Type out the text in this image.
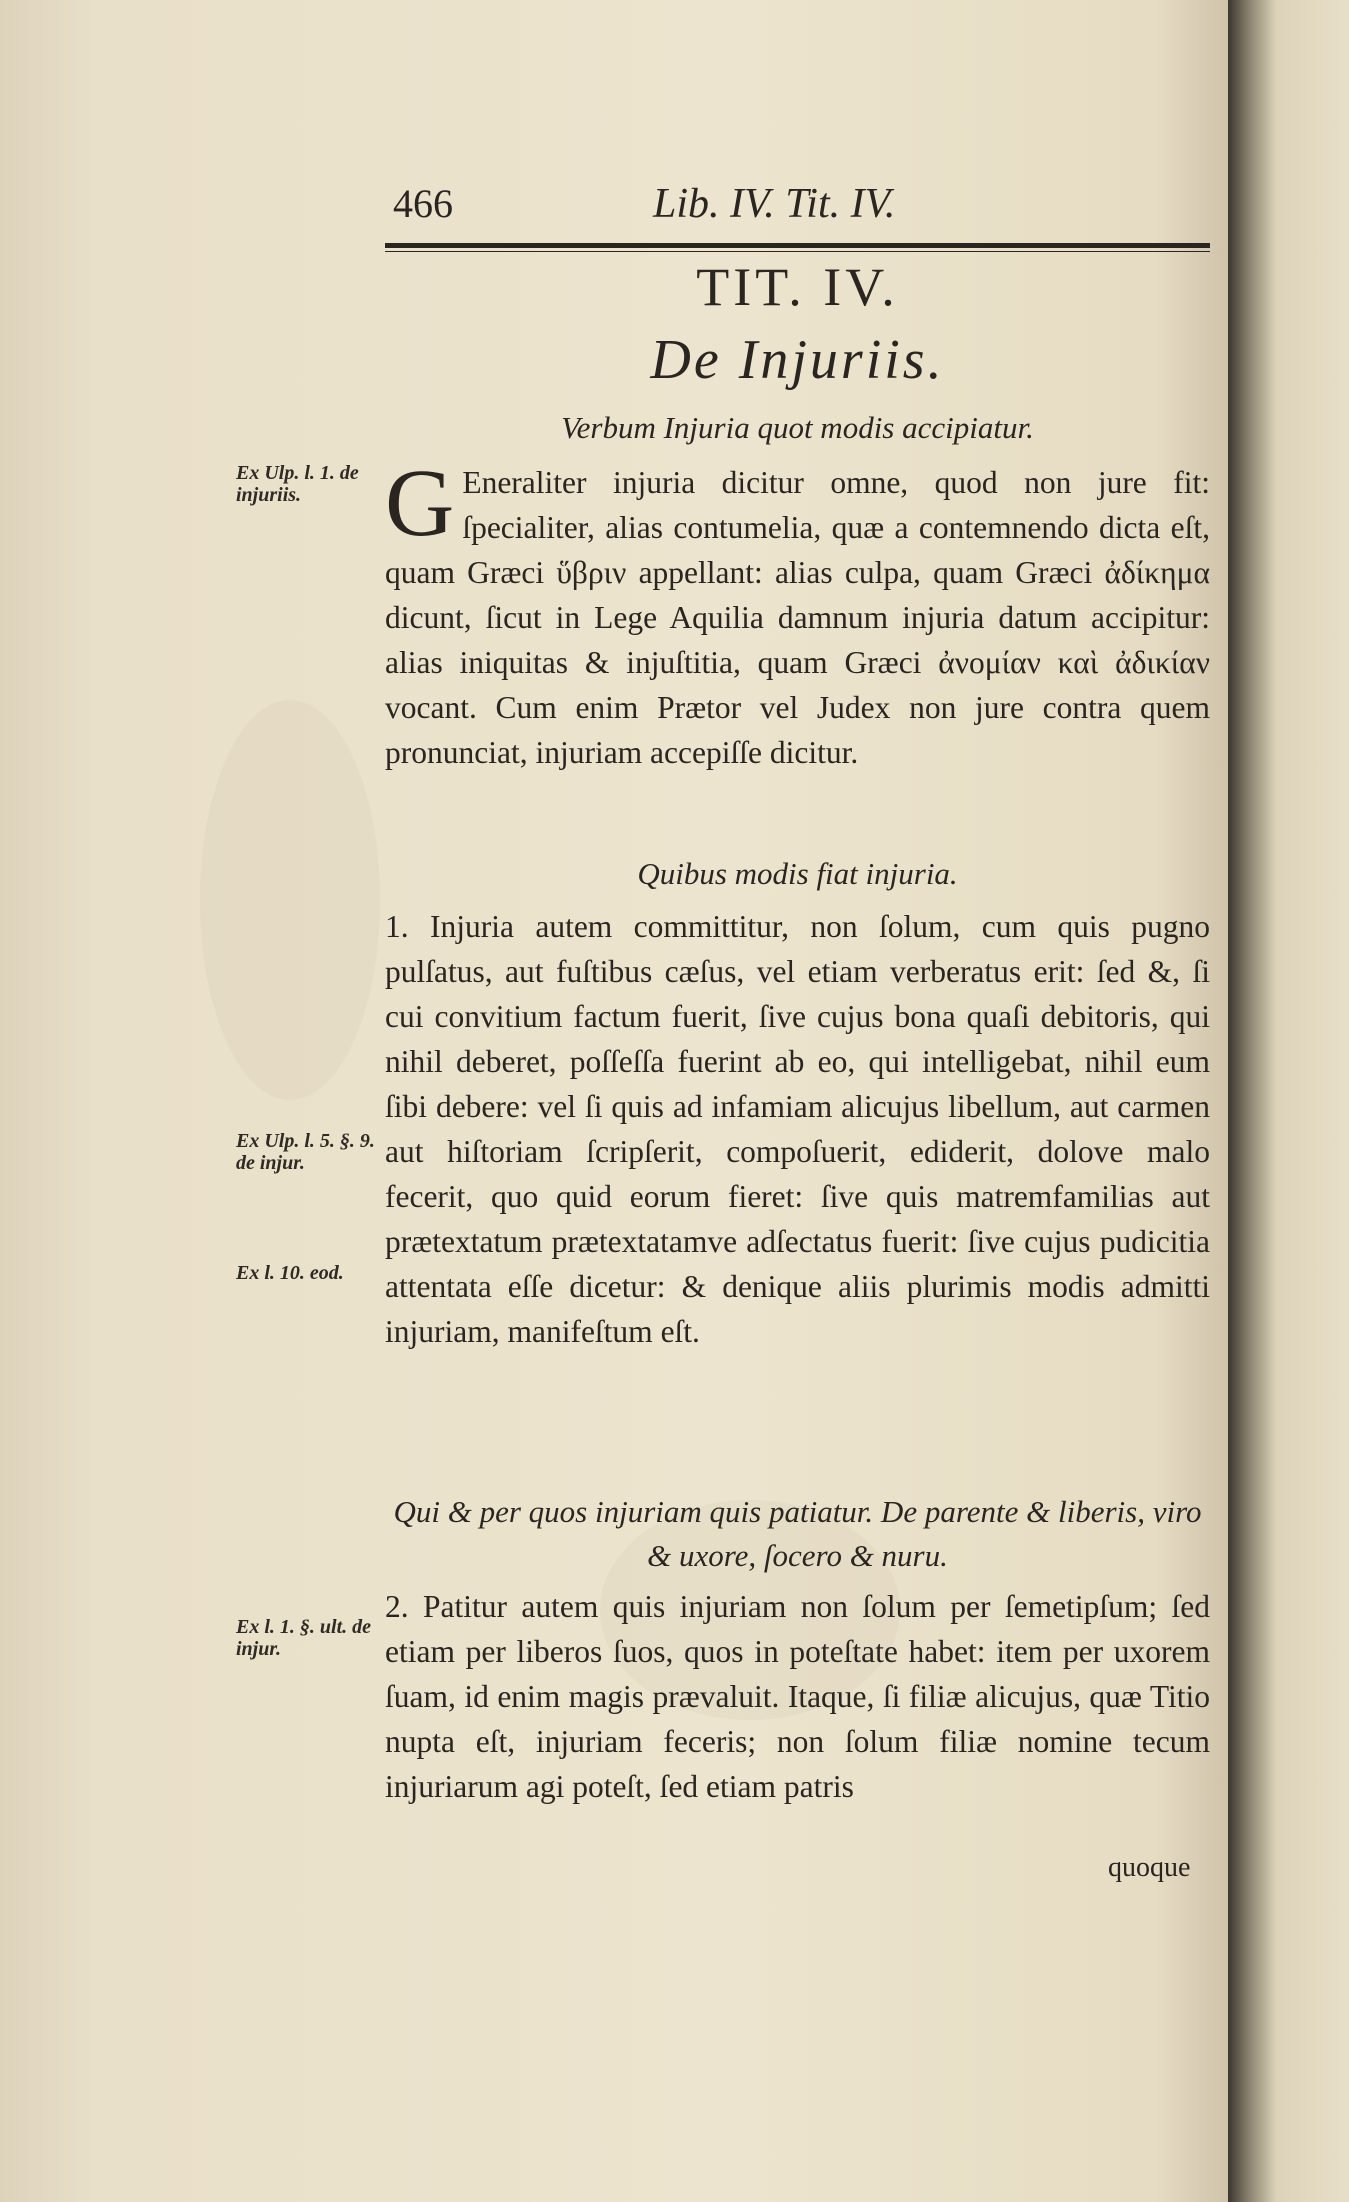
466	Lib. IV. Tit. IV.
TIT. IV.
De Injuriis.
Verbum Injuria quot modis accipiatur.
G Eneraliter injuria dicitur omne, quod non jure fit: ſpecialiter, alias contumelia, quæ a contemnendo dicta eſt, quam Græci ὕβριν appellant: alias culpa, quam Græci ἀδίκημα dicunt, ſicut in Lege Aquilia damnum injuria datum accipitur: alias iniquitas & injuſtitia, quam Græci ἀνομίαν καὶ ἀδικίαν vocant. Cum enim Prætor vel Judex non jure contra quem pronunciat, injuriam accepiſſe dicitur.
Quibus modis fiat injuria.
1. Injuria autem committitur, non ſolum, cum quis pugno pulſatus, aut fuſtibus cæſus, vel etiam verberatus erit: ſed &, ſi cui convitium factum fuerit, ſive cujus bona quaſi debitoris, qui nihil deberet, poſſeſſa fuerint ab eo, qui intelligebat, nihil eum ſibi debere: vel ſi quis ad infamiam alicujus libellum, aut carmen aut hiſtoriam ſcripſerit, compoſuerit, ediderit, dolove malo fecerit, quo quid eorum fieret: ſive quis matremfamilias aut prætextatum prætextatamve adſectatus fuerit: ſive cujus pudicitia attentata eſſe dicetur: & denique aliis plurimis modis admitti injuriam, manifeſtum eſt.
Qui & per quos injuriam quis patiatur. De parente & liberis, viro & uxore, ſocero & nuru.
2. Patitur autem quis injuriam non ſolum per ſemetipſum; ſed etiam per liberos ſuos, quos in poteſtate habet: item per uxorem ſuam, id enim magis prævaluit. Itaque, ſi filiæ alicujus, quæ Titio nupta eſt, injuriam feceris; non ſolum filiæ nomine tecum injuriarum agi poteſt, ſed etiam patris
quoque
Ex Ulp. l. 1. de injuriis.
Ex Ulp. l. 5. §. 9. de injur.
Ex l. 10. eod.
Ex l. 1. §. ult. de injur.
